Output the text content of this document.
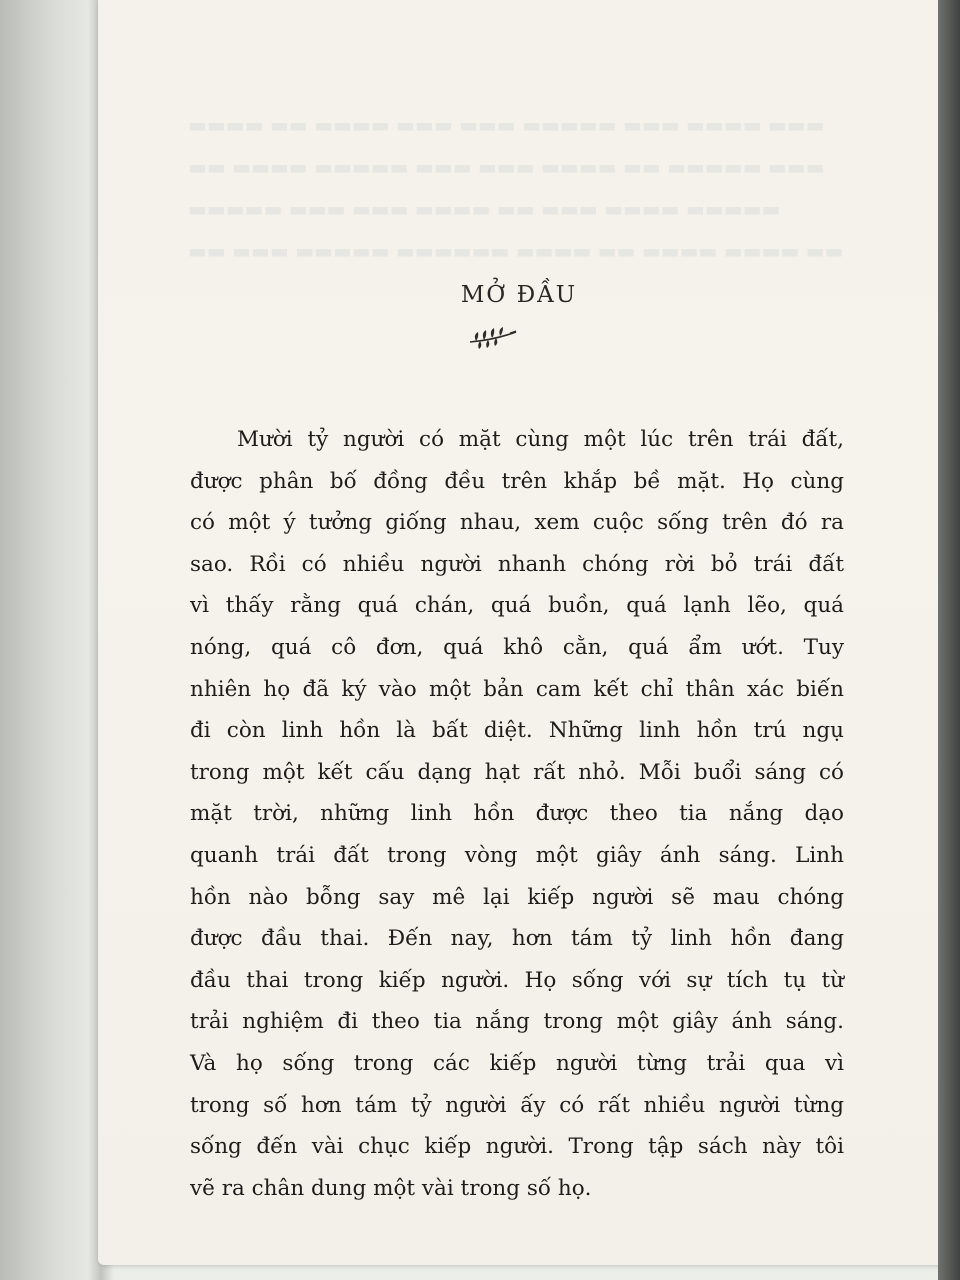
▬▬▬▬ ▬▬ ▬▬▬▬ ▬▬▬ ▬▬▬ ▬▬▬▬▬ ▬▬▬ ▬▬▬▬ ▬▬▬
▬▬ ▬▬▬▬ ▬▬▬▬▬ ▬▬▬ ▬▬▬ ▬▬▬▬ ▬▬ ▬▬▬▬▬ ▬▬▬
▬▬▬▬▬ ▬▬▬ ▬▬▬ ▬▬▬▬ ▬▬ ▬▬▬ ▬▬▬▬ ▬▬▬▬▬
▬▬ ▬▬▬ ▬▬▬▬▬ ▬▬▬▬▬▬ ▬▬▬▬ ▬▬ ▬▬▬▬ ▬▬▬▬ ▬▬
MỞ ĐẦU
Mười tỷ người có mặt cùng một lúc trên trái đất,
được phân bố đồng đều trên khắp bề mặt. Họ cùng
có một ý tưởng giống nhau, xem cuộc sống trên đó ra
sao. Rồi có nhiều người nhanh chóng rời bỏ trái đất
vì thấy rằng quá chán, quá buồn, quá lạnh lẽo, quá
nóng, quá cô đơn, quá khô cằn, quá ẩm ướt. Tuy
nhiên họ đã ký vào một bản cam kết chỉ thân xác biến
đi còn linh hồn là bất diệt. Những linh hồn trú ngụ
trong một kết cấu dạng hạt rất nhỏ. Mỗi buổi sáng có
mặt trời, những linh hồn được theo tia nắng dạo
quanh trái đất trong vòng một giây ánh sáng. Linh
hồn nào bỗng say mê lại kiếp người sẽ mau chóng
được đầu thai. Đến nay, hơn tám tỷ linh hồn đang
đầu thai trong kiếp người. Họ sống với sự tích tụ từ
trải nghiệm đi theo tia nắng trong một giây ánh sáng.
Và họ sống trong các kiếp người từng trải qua vì
trong số hơn tám tỷ người ấy có rất nhiều người từng
sống đến vài chục kiếp người. Trong tập sách này tôi
vẽ ra chân dung một vài trong số họ.
